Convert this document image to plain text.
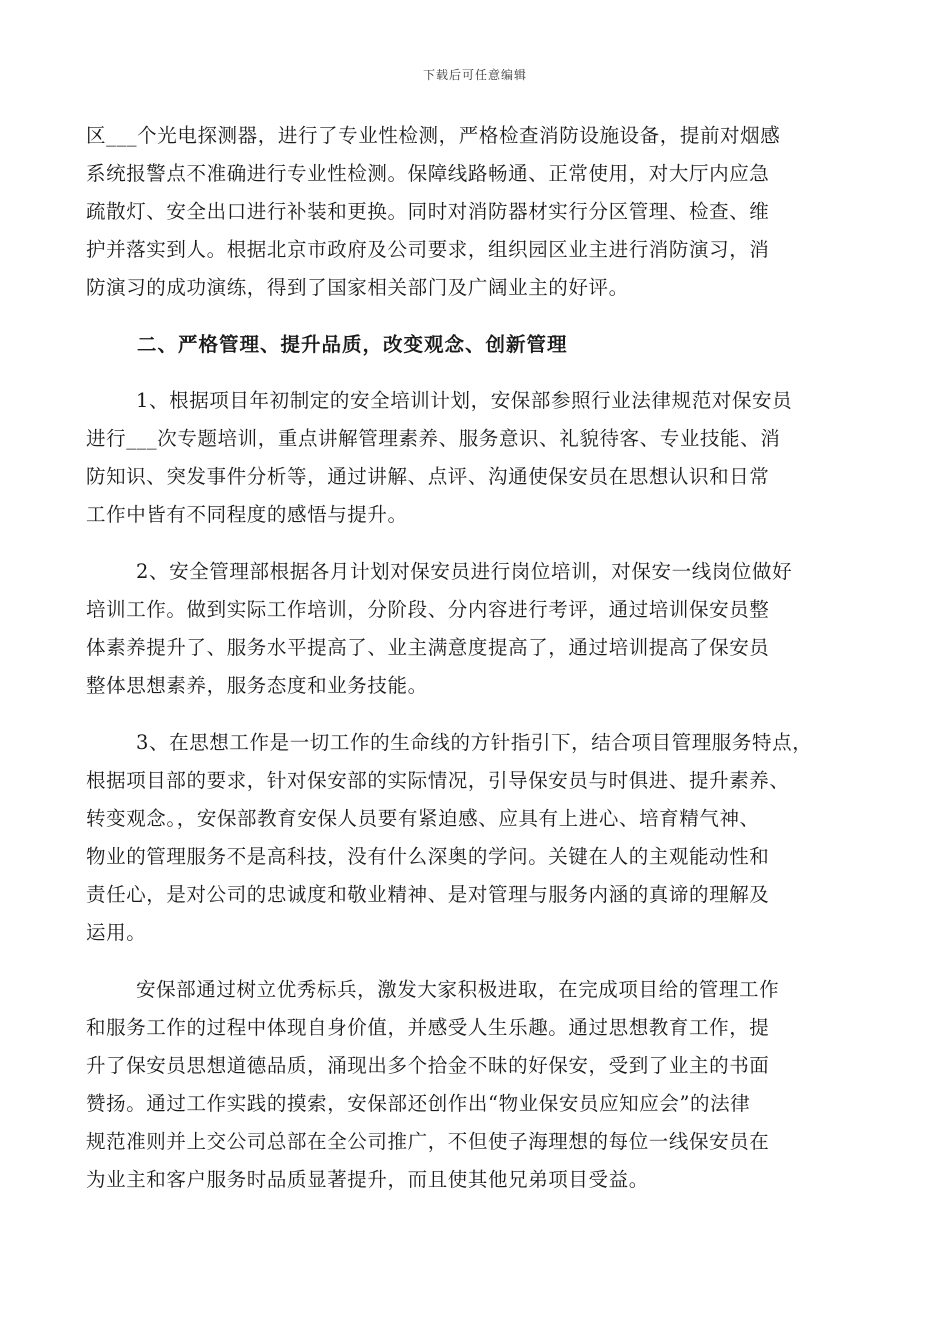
下载后可任意编辑
区___个光电探测器，进行了专业性检测，严格检查消防设施设备，提前对烟感
系统报警点不准确进行专业性检测。保障线路畅通、正常使用，对大厅内应急
疏散灯、安全出口进行补装和更换。同时对消防器材实行分区管理、检查、维
护并落实到人。根据北京市政府及公司要求，组织园区业主进行消防演习，消
防演习的成功演练，得到了国家相关部门及广阔业主的好评。
二、严格管理、提升品质，改变观念、创新管理
1、根据项目年初制定的安全培训计划，安保部参照行业法律规范对保安员
进行___次专题培训，重点讲解管理素养、服务意识、礼貌待客、专业技能、消
防知识、突发事件分析等，通过讲解、点评、沟通使保安员在思想认识和日常
工作中皆有不同程度的感悟与提升。
2、安全管理部根据各月计划对保安员进行岗位培训，对保安一线岗位做好
培训工作。做到实际工作培训，分阶段、分内容进行考评，通过培训保安员整
体素养提升了、服务水平提高了、业主满意度提高了，通过培训提高了保安员
整体思想素养，服务态度和业务技能。
3、在思想工作是一切工作的生命线的方针指引下，结合项目管理服务特点，
根据项目部的要求，针对保安部的实际情况，引导保安员与时俱进、提升素养、
转变观念。，安保部教育安保人员要有紧迫感、应具有上进心、培育精气神、
物业的管理服务不是高科技，没有什么深奥的学问。关键在人的主观能动性和
责任心，是对公司的忠诚度和敬业精神、是对管理与服务内涵的真谛的理解及
运用。
安保部通过树立优秀标兵，激发大家积极进取，在完成项目给的管理工作
和服务工作的过程中体现自身价值，并感受人生乐趣。通过思想教育工作，提
升了保安员思想道德品质，涌现出多个拾金不昧的好保安，受到了业主的书面
赞扬。通过工作实践的摸索，安保部还创作出“物业保安员应知应会”的法律
规范准则并上交公司总部在全公司推广，不但使子海理想的每位一线保安员在
为业主和客户服务时品质显著提升，而且使其他兄弟项目受益。
